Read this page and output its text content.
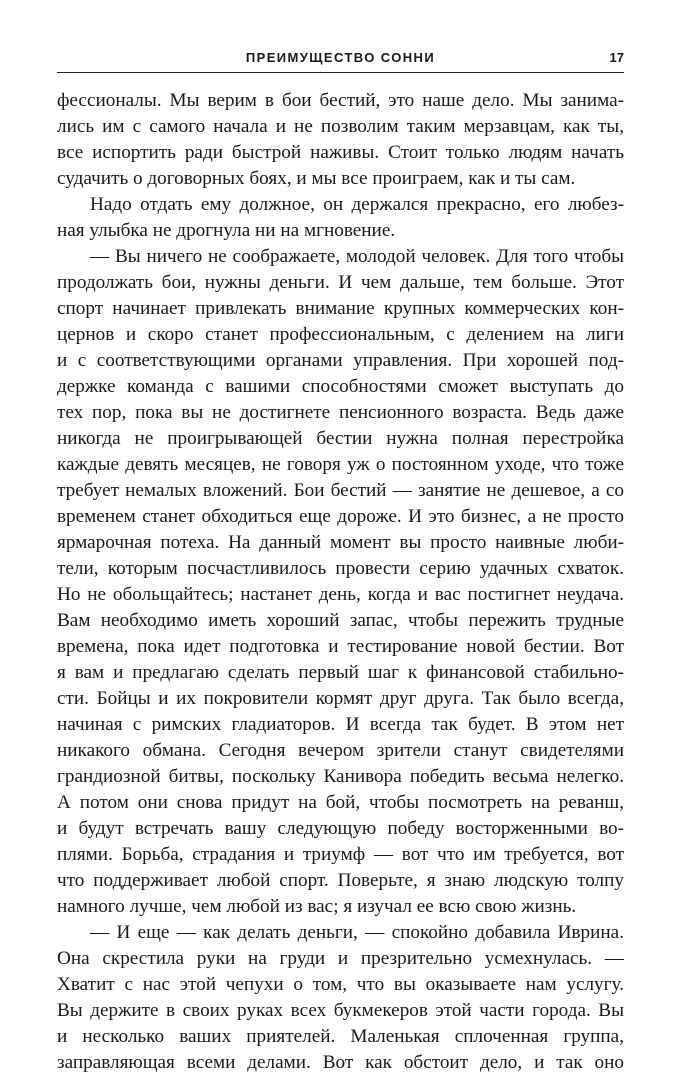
ПРЕИМУЩЕСТВО СОННИ	17
фессионалы. Мы верим в бои бестий, это наше дело. Мы занима-
лись им с самого начала и не позволим таким мерзавцам, как ты,
все испортить ради быстрой наживы. Стоит только людям начать
судачить о договорных боях, и мы все проиграем, как и ты сам.
Надо отдать ему должное, он держался прекрасно, его любез-
ная улыбка не дрогнула ни на мгновение.
— Вы ничего не соображаете, молодой человек. Для того чтобы
продолжать бои, нужны деньги. И чем дальше, тем больше. Этот
спорт начинает привлекать внимание крупных коммерческих кон-
цернов и скоро станет профессиональным, с делением на лиги
и с соответствующими органами управления. При хорошей под-
держке команда с вашими способностями сможет выступать до
тех пор, пока вы не достигнете пенсионного возраста. Ведь даже
никогда не проигрывающей бестии нужна полная перестройка
каждые девять месяцев, не говоря уж о постоянном уходе, что тоже
требует немалых вложений. Бои бестий — занятие не дешевое, а со
временем станет обходиться еще дороже. И это бизнес, а не просто
ярмарочная потеха. На данный момент вы просто наивные люби-
тели, которым посчастливилось провести серию удачных схваток.
Но не обольщайтесь; настанет день, когда и вас постигнет неудача.
Вам необходимо иметь хороший запас, чтобы пережить трудные
времена, пока идет подготовка и тестирование новой бестии. Вот
я вам и предлагаю сделать первый шаг к финансовой стабильно-
сти. Бойцы и их покровители кормят друг друга. Так было всегда,
начиная с римских гладиаторов. И всегда так будет. В этом нет
никакого обмана. Сегодня вечером зрители станут свидетелями
грандиозной битвы, поскольку Канивора победить весьма нелегко.
А потом они снова придут на бой, чтобы посмотреть на реванш,
и будут встречать вашу следующую победу восторженными во-
плями. Борьба, страдания и триумф — вот что им требуется, вот
что поддерживает любой спорт. Поверьте, я знаю людскую толпу
намного лучше, чем любой из вас; я изучал ее всю свою жизнь.
— И еще — как делать деньги, — спокойно добавила Иврина.
Она скрестила руки на груди и презрительно усмехнулась. —
Хватит с нас этой чепухи о том, что вы оказываете нам услугу.
Вы держите в своих руках всех букмекеров этой части города. Вы
и несколько ваших приятелей. Маленькая сплоченная группа,
заправляющая всеми делами. Вот как обстоит дело, и так оно
